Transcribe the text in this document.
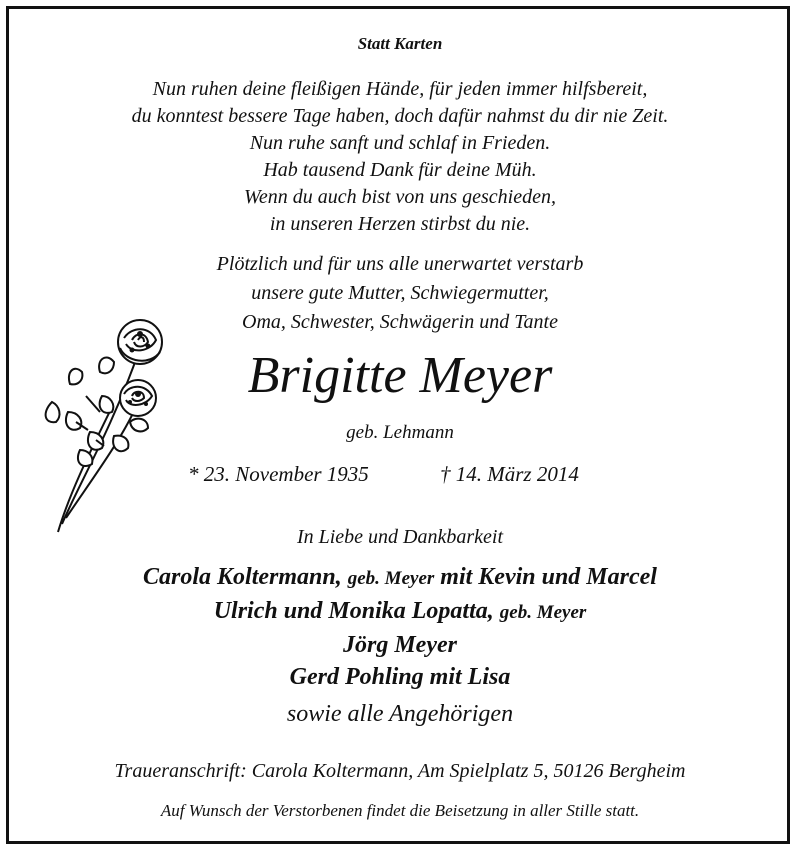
Statt Karten
Nun ruhen deine fleißigen Hände, für jeden immer hilfsbereit,
du konntest bessere Tage haben, doch dafür nahmst du dir nie Zeit.
Nun ruhe sanft und schlaf in Frieden.
Hab tausend Dank für deine Müh.
Wenn du auch bist von uns geschieden,
in unseren Herzen stirbst du nie.
Plötzlich und für uns alle unerwartet verstarb
unsere gute Mutter, Schwiegermutter,
Oma, Schwester, Schwägerin und Tante
Brigitte Meyer
geb. Lehmann
* 23. November 1935	† 14. März 2014
In Liebe und Dankbarkeit
Carola Koltermann, geb. Meyer mit Kevin und Marcel
Ulrich und Monika Lopatta, geb. Meyer
Jörg Meyer
Gerd Pohling mit Lisa
sowie alle Angehörigen
Traueranschrift: Carola Koltermann, Am Spielplatz 5, 50126 Bergheim
Auf Wunsch der Verstorbenen findet die Beisetzung in aller Stille statt.
